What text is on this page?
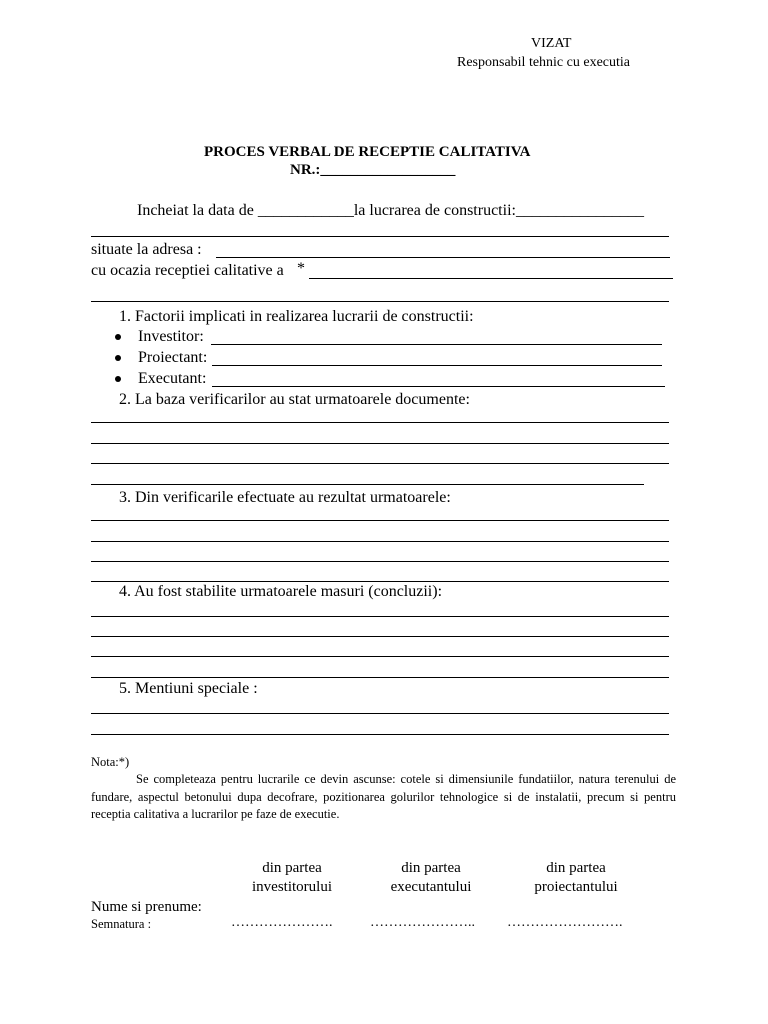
VIZAT
Responsabil tehnic cu executia
PROCES VERBAL DE RECEPTIE CALITATIVA
NR.:__________________
Incheiat la data de ____________la lucrarea de constructii:________________
situate la adresa :
cu ocazia receptiei calitative a *
1. Factorii implicati in realizarea lucrarii de constructii:
Investitor:
Proiectant:
Executant:
2. La baza verificarilor au stat urmatoarele documente:
3. Din verificarile efectuate au rezultat urmatoarele:
4. Au fost stabilite urmatoarele masuri (concluzii):
5. Mentiuni speciale :
Nota:*)
Se completeaza pentru lucrarile ce devin ascunse: cotele si dimensiunile fundatiilor, natura terenului de fundare, aspectul betonului dupa decofrare, pozitionarea golurilor tehnologice si de instalatii, precum si pentru receptia calitativa a lucrarilor pe faze de executie.
din partea
investitorului
din partea
executantului
din partea
proiectantului
Nume si prenume:
Semnatura :	………………….	………………….. …………………….
